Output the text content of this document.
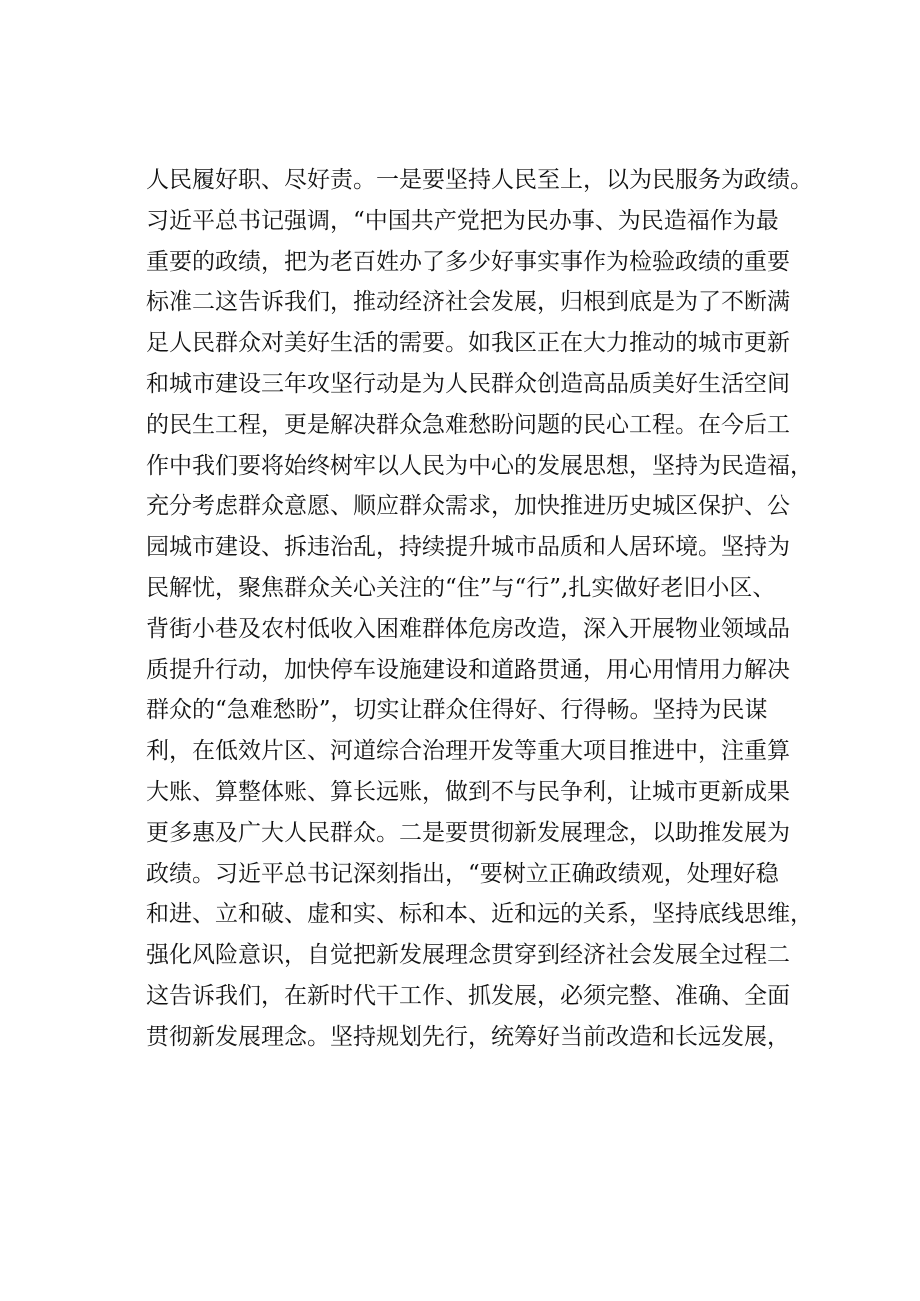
人民履好职、尽好责。一是要坚持人民至上，以为民服务为政绩。
习近平总书记强调，“中国共产党把为民办事、为民造福作为最
重要的政绩，把为老百姓办了多少好事实事作为检验政绩的重要
标准二这告诉我们，推动经济社会发展，归根到底是为了不断满
足人民群众对美好生活的需要。如我区正在大力推动的城市更新
和城市建设三年攻坚行动是为人民群众创造高品质美好生活空间
的民生工程，更是解决群众急难愁盼问题的民心工程。在今后工
作中我们要将始终树牢以人民为中心的发展思想，坚持为民造福，
充分考虑群众意愿、顺应群众需求，加快推进历史城区保护、公
园城市建设、拆违治乱，持续提升城市品质和人居环境。坚持为
民解忧，聚焦群众关心关注的“住”与“行”,扎实做好老旧小区、
背街小巷及农村低收入困难群体危房改造，深入开展物业领域品
质提升行动，加快停车设施建设和道路贯通，用心用情用力解决
群众的“急难愁盼”，切实让群众住得好、行得畅。坚持为民谋
利，在低效片区、河道综合治理开发等重大项目推进中，注重算
大账、算整体账、算长远账，做到不与民争利，让城市更新成果
更多惠及广大人民群众。二是要贯彻新发展理念，以助推发展为
政绩。习近平总书记深刻指出，“要树立正确政绩观，处理好稳
和进、立和破、虚和实、标和本、近和远的关系，坚持底线思维，
强化风险意识，自觉把新发展理念贯穿到经济社会发展全过程二
这告诉我们，在新时代干工作、抓发展，必须完整、准确、全面
贯彻新发展理念。坚持规划先行，统筹好当前改造和长远发展，
